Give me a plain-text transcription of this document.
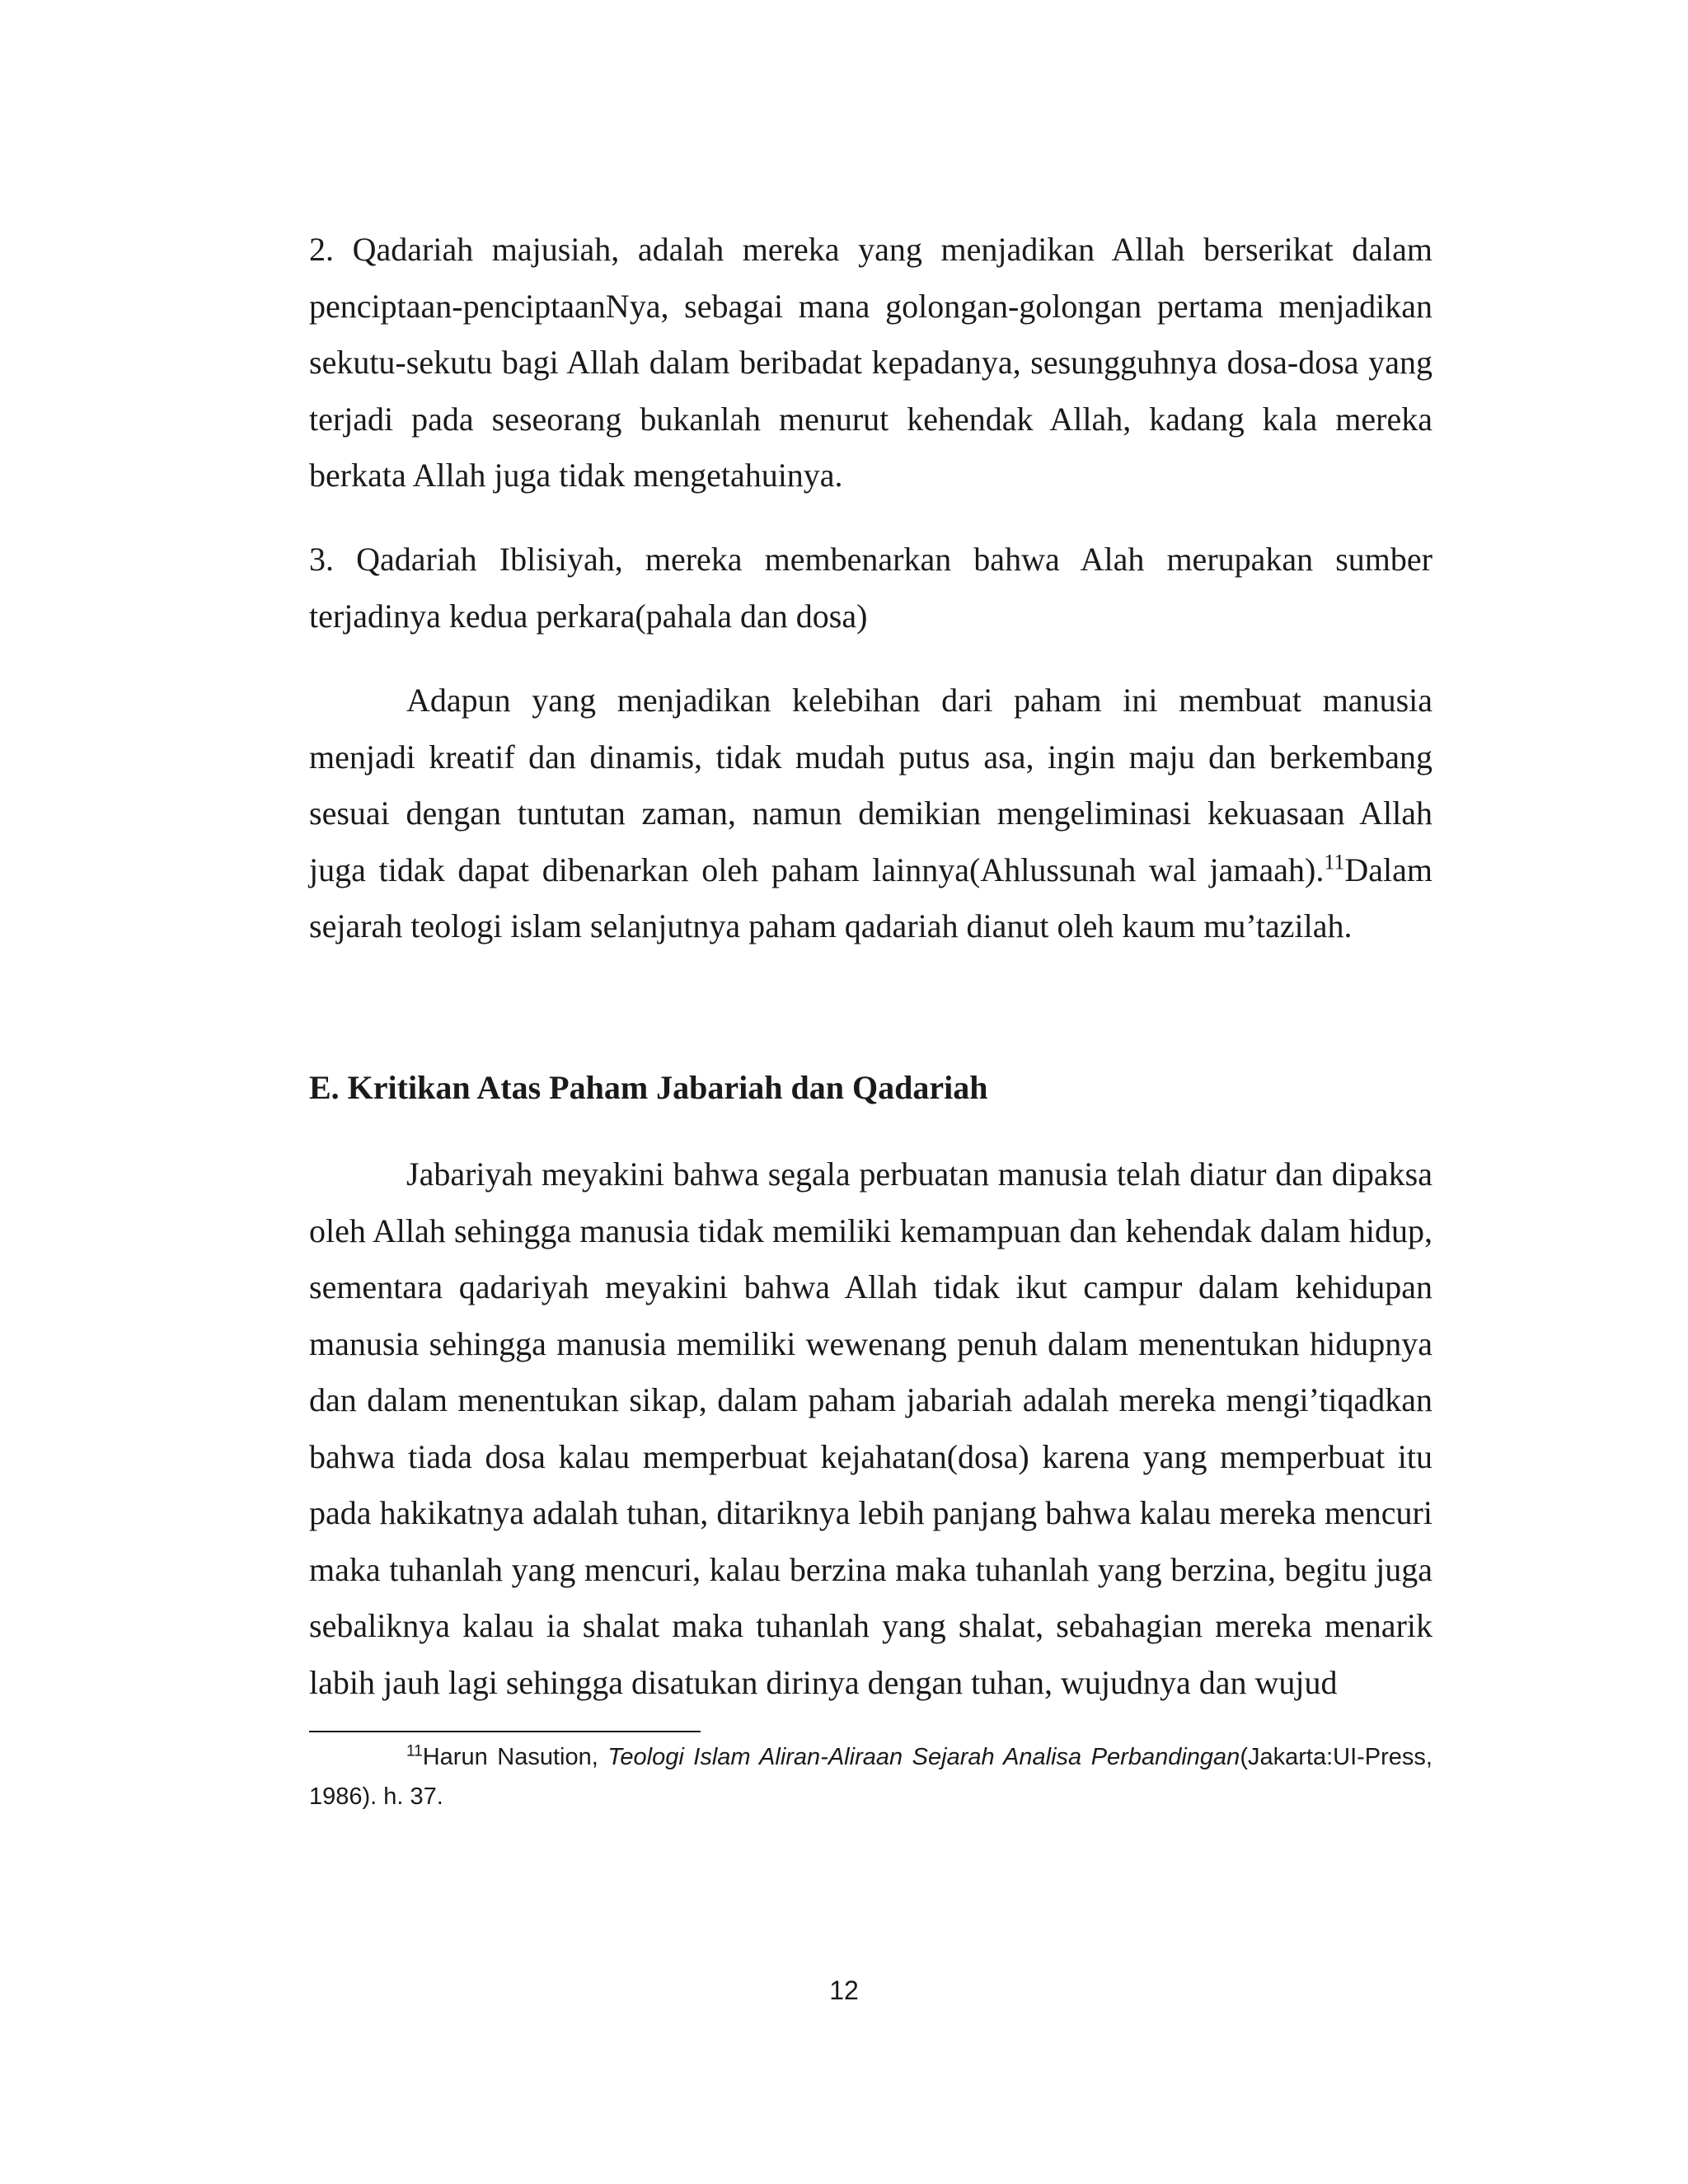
2. Qadariah majusiah, adalah mereka yang menjadikan Allah berserikat dalam penciptaan-penciptaanNya, sebagai mana golongan-golongan pertama menjadikan sekutu-sekutu bagi Allah dalam beribadat kepadanya, sesungguhnya dosa-dosa yang terjadi pada seseorang bukanlah menurut kehendak Allah, kadang kala mereka berkata Allah juga tidak mengetahuinya.

3. Qadariah Iblisiyah, mereka membenarkan bahwa Alah merupakan sumber terjadinya kedua perkara(pahala dan dosa)

Adapun yang menjadikan kelebihan dari paham ini membuat manusia menjadi kreatif dan dinamis, tidak mudah putus asa, ingin maju dan berkembang sesuai dengan tuntutan zaman, namun demikian mengeliminasi kekuasaan Allah juga tidak dapat dibenarkan oleh paham lainnya(Ahlussunah wal jamaah).$^{11}$Dalam sejarah teologi islam selanjutnya paham qadariah dianut oleh kaum mu’tazilah.

E. Kritikan Atas Paham Jabariah dan Qadariah

Jabariyah meyakini bahwa segala perbuatan manusia telah diatur dan dipaksa oleh Allah sehingga manusia tidak memiliki kemampuan dan kehendak dalam hidup, sementara qadariyah meyakini bahwa Allah tidak ikut campur dalam kehidupan manusia sehingga manusia memiliki wewenang penuh dalam menentukan hidupnya dan dalam menentukan sikap, dalam paham jabariah adalah mereka mengi’tiqadkan bahwa tiada dosa kalau memperbuat kejahatan(dosa) karena yang memperbuat itu pada hakikatnya adalah tuhan, ditariknya lebih panjang bahwa kalau mereka mencuri maka tuhanlah yang mencuri, kalau berzina maka tuhanlah yang berzina, begitu juga sebaliknya kalau ia shalat maka tuhanlah yang shalat, sebahagian mereka menarik labih jauh lagi sehingga disatukan dirinya dengan tuhan, wujudnya dan wujud

$^{11}$Harun Nasution, Teologi Islam Aliran-Aliraan Sejarah Analisa Perbandingan(Jakarta:UI-Press, 1986). h. 37.

12
